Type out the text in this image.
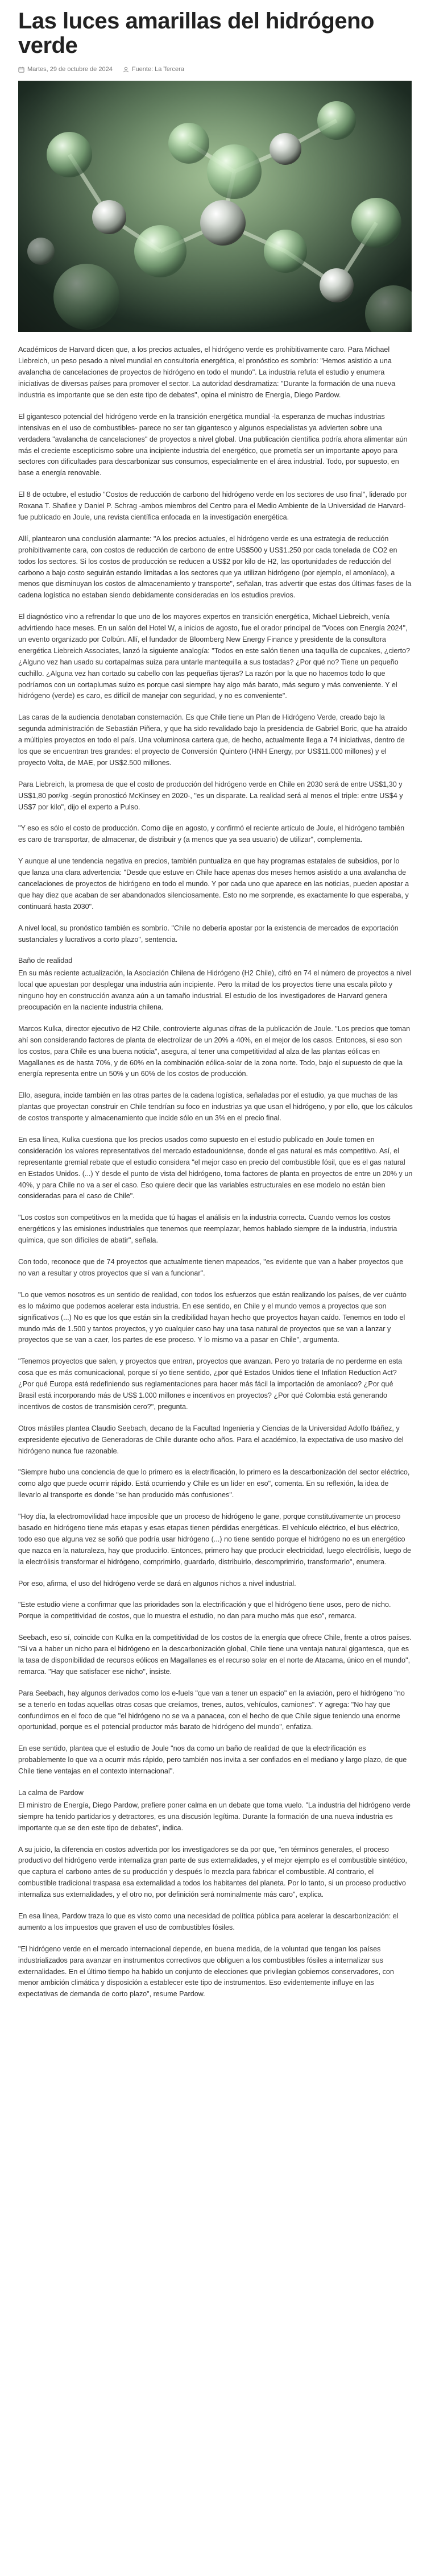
Las luces amarillas del hidrógeno verde
Martes, 29 de octubre de 2024	Fuente: La Tercera

Académicos de Harvard dicen que, a los precios actuales, el hidrógeno verde es prohibitivamente caro. Para Michael Liebreich, un peso pesado a nivel mundial en consultoría energética, el pronóstico es sombrío: "Hemos asistido a una avalancha de cancelaciones de proyectos de hidrógeno en todo el mundo". La industria refuta el estudio y enumera iniciativas de diversas países para promover el sector. La autoridad desdramatiza: "Durante la formación de una nueva industria es importante que se den este tipo de debates", opina el ministro de Energía, Diego Pardow.

El gigantesco potencial del hidrógeno verde en la transición energética mundial -la esperanza de muchas industrias intensivas en el uso de combustibles- parece no ser tan gigantesco y algunos especialistas ya advierten sobre una verdadera "avalancha de cancelaciones" de proyectos a nivel global. Una publicación científica podría ahora alimentar aún más el creciente escepticismo sobre una incipiente industria del energético, que prometía ser un importante apoyo para sectores con dificultades para descarbonizar sus consumos, especialmente en el área industrial. Todo, por supuesto, en base a energía renovable.

El 8 de octubre, el estudio "Costos de reducción de carbono del hidrógeno verde en los sectores de uso final", liderado por Roxana T. Shafiee y Daniel P. Schrag -ambos miembros del Centro para el Medio Ambiente de la Universidad de Harvard- fue publicado en Joule, una revista científica enfocada en la investigación energética.

Allí, plantearon una conclusión alarmante: "A los precios actuales, el hidrógeno verde es una estrategia de reducción prohibitivamente cara, con costos de reducción de carbono de entre US$500 y US$1.250 por cada tonelada de CO2 en todos los sectores. Si los costos de producción se reducen a US$2 por kilo de H2, las oportunidades de reducción del carbono a bajo costo seguirán estando limitadas a los sectores que ya utilizan hidrógeno (por ejemplo, el amoníaco), a menos que disminuyan los costos de almacenamiento y transporte", señalan, tras advertir que estas dos últimas fases de la cadena logística no estaban siendo debidamente consideradas en los estudios previos.

El diagnóstico vino a refrendar lo que uno de los mayores expertos en transición energética, Michael Liebreich, venía advirtiendo hace meses. En un salón del Hotel W, a inicios de agosto, fue el orador principal de "Voces con Energía 2024", un evento organizado por Colbún. Allí, el fundador de Bloomberg New Energy Finance y presidente de la consultora energética Liebreich Associates, lanzó la siguiente analogía: "Todos en este salón tienen una taquilla de cupcakes, ¿cierto? ¿Alguno vez han usado su cortapalmas suiza para untarle mantequilla a sus tostadas? ¿Por qué no? Tiene un pequeño cuchillo. ¿Alguna vez han cortado su cabello con las pequeñas tijeras? La razón por la que no hacemos todo lo que podríamos con un cortaplumas suizo es porque casi siempre hay algo más barato, más seguro y más conveniente. Y el hidrógeno (verde) es caro, es difícil de manejar con seguridad, y no es conveniente".

Las caras de la audiencia denotaban consternación. Es que Chile tiene un Plan de Hidrógeno Verde, creado bajo la segunda administración de Sebastián Piñera, y que ha sido revalidado bajo la presidencia de Gabriel Boric, que ha atraído a múltiples proyectos en todo el país. Una voluminosa cartera que, de hecho, actualmente llega a 74 iniciativas, dentro de los que se encuentran tres grandes: el proyecto de Conversión Quintero (HNH Energy, por US$11.000 millones) y el proyecto Volta, de MAE, por US$2.500 millones.

Para Liebreich, la promesa de que el costo de producción del hidrógeno verde en Chile en 2030 será de entre US$1,30 y US$1,80 por/kg -según pronosticó McKinsey en 2020-, "es un disparate. La realidad será al menos el triple: entre US$4 y US$7 por kilo", dijo el experto a Pulso.

"Y eso es sólo el costo de producción. Como dije en agosto, y confirmó el reciente artículo de Joule, el hidrógeno también es caro de transportar, de almacenar, de distribuir y (a menos que ya sea usuario) de utilizar", complementa.

Y aunque al une tendencia negativa en precios, también puntualiza en que hay programas estatales de subsidios, por lo que lanza una clara advertencia: "Desde que estuve en Chile hace apenas dos meses hemos asistido a una avalancha de cancelaciones de proyectos de hidrógeno en todo el mundo. Y por cada uno que aparece en las noticias, pueden apostar a que hay diez que acaban de ser abandonados silenciosamente. Esto no me sorprende, es exactamente lo que esperaba, y continuará hasta 2030".

A nivel local, su pronóstico también es sombrío. "Chile no debería apostar por la existencia de mercados de exportación sustanciales y lucrativos a corto plazo", sentencia.

Baño de realidad

En su más reciente actualización, la Asociación Chilena de Hidrógeno (H2 Chile), cifró en 74 el número de proyectos a nivel local que apuestan por desplegar una industria aún incipiente. Pero la mitad de los proyectos tiene una escala piloto y ninguno hoy en construcción avanza aún a un tamaño industrial. El estudio de los investigadores de Harvard genera preocupación en la naciente industria chilena.

Marcos Kulka, director ejecutivo de H2 Chile, controvierte algunas cifras de la publicación de Joule. "Los precios que toman ahí son considerando factores de planta de electrolizar de un 20% a 40%, en el mejor de los casos. Entonces, si eso son los costos, para Chile es una buena noticia", asegura, al tener una competitividad al alza de las plantas eólicas en Magallanes es de hasta 70%, y de 60% en la combinación eólica-solar de la zona norte. Todo, bajo el supuesto de que la energía representa entre un 50% y un 60% de los costos de producción.

Ello, asegura, incide también en las otras partes de la cadena logística, señaladas por el estudio, ya que muchas de las plantas que proyectan construir en Chile tendrían su foco en industrias ya que usan el hidrógeno, y por ello, que los cálculos de costos transporte y almacenamiento que incide sólo en un 3% en el precio final.

En esa línea, Kulka cuestiona que los precios usados como supuesto en el estudio publicado en Joule tomen en consideración los valores representativos del mercado estadounidense, donde el gas natural es más competitivo. Así, el representante gremial rebate que el estudio considera "el mejor caso en precio del combustible fósil, que es el gas natural en Estados Unidos. (...) Y desde el punto de vista del hidrógeno, toma factores de planta en proyectos de entre un 20% y un 40%, y para Chile no va a ser el caso. Eso quiere decir que las variables estructurales en ese modelo no están bien consideradas para el caso de Chile".

"Los costos son competitivos en la medida que tú hagas el análisis en la industria correcta. Cuando vemos los costos energéticos y las emisiones industriales que tenemos que reemplazar, hemos hablado siempre de la industria, industria química, que son difíciles de abatir", señala.

Con todo, reconoce que de 74 proyectos que actualmente tienen mapeados, "es evidente que van a haber proyectos que no van a resultar y otros proyectos que sí van a funcionar".

"Lo que vemos nosotros es un sentido de realidad, con todos los esfuerzos que están realizando los países, de ver cuánto es lo máximo que podemos acelerar esta industria. En ese sentido, en Chile y el mundo vemos a proyectos que son significativos (...) No es que los que están sin la credibilidad hayan hecho que proyectos hayan caído. Tenemos en todo el mundo más de 1.500 y tantos proyectos, y yo cualquier caso hay una tasa natural de proyectos que se van a lanzar y proyectos que se van a caer, los partes de ese proceso. Y lo mismo va a pasar en Chile", argumenta.

"Tenemos proyectos que salen, y proyectos que entran, proyectos que avanzan. Pero yo trataría de no perderme en esta cosa que es más comunicacional, porque sí yo tiene sentido, ¿por qué Estados Unidos tiene el Inflation Reduction Act? ¿Por qué Europa está redefiniendo sus reglamentaciones para hacer más fácil la importación de amoníaco? ¿Por qué Brasil está incorporando más de US$ 1.000 millones e incentivos en proyectos? ¿Por qué Colombia está generando incentivos de costos de transmisión cero?", pregunta.

Otros mástiles plantea Claudio Seebach, decano de la Facultad Ingeniería y Ciencias de la Universidad Adolfo Ibáñez, y expresidente ejecutivo de Generadoras de Chile durante ocho años. Para el académico, la expectativa de uso masivo del hidrógeno nunca fue razonable.

"Siempre hubo una conciencia de que lo primero es la electrificación, lo primero es la descarbonización del sector eléctrico, como algo que puede ocurrir rápido. Está ocurriendo y Chile es un líder en eso", comenta. En su reflexión, la idea de llevarlo al transporte es donde "se han producido más confusiones".

"Hoy día, la electromovilidad hace imposible que un proceso de hidrógeno le gane, porque constitutivamente un proceso basado en hidrógeno tiene más etapas y esas etapas tienen pérdidas energéticas. El vehículo eléctrico, el bus eléctrico, todo eso que alguna vez se soñó que podría usar hidrógeno (...) no tiene sentido porque el hidrógeno no es un energético que nazca en la naturaleza, hay que producirlo. Entonces, primero hay que producir electricidad, luego electrólisis, luego de la electrólisis transformar el hidrógeno, comprimirlo, guardarlo, distribuirlo, descomprimirlo, transformarlo", enumera.

Por eso, afirma, el uso del hidrógeno verde se dará en algunos nichos a nivel industrial.

"Este estudio viene a confirmar que las prioridades son la electrificación y que el hidrógeno tiene usos, pero de nicho. Porque la competitividad de costos, que lo muestra el estudio, no dan para mucho más que eso", remarca.

Seebach, eso sí, coincide con Kulka en la competitividad de los costos de la energía que ofrece Chile, frente a otros países. "Si va a haber un nicho para el hidrógeno en la descarbonización global, Chile tiene una ventaja natural gigantesca, que es la tasa de disponibilidad de recursos eólicos en Magallanes es el recurso solar en el norte de Atacama, único en el mundo", remarca. "Hay que satisfacer ese nicho", insiste.

Para Seebach, hay algunos derivados como los e-fuels "que van a tener un espacio" en la aviación, pero el hidrógeno "no se a tenerlo en todas aquellas otras cosas que creíamos, trenes, autos, vehículos, camiones". Y agrega: "No hay que confundirnos en el foco de que "el hidrógeno no se va a panacea, con el hecho de que Chile sigue teniendo una enorme oportunidad, porque es el potencial productor más barato de hidrógeno del mundo", enfatiza.

En ese sentido, plantea que el estudio de Joule "nos da como un baño de realidad de que la electrificación es probablemente lo que va a ocurrir más rápido, pero también nos invita a ser confiados en el mediano y largo plazo, de que Chile tiene ventajas en el contexto internacional".

La calma de Pardow

El ministro de Energía, Diego Pardow, prefiere poner calma en un debate que toma vuelo. "La industria del hidrógeno verde siempre ha tenido partidarios y detractores, es una discusión legítima. Durante la formación de una nueva industria es importante que se den este tipo de debates", indica.

A su juicio, la diferencia en costos advertida por los investigadores se da por que, "en términos generales, el proceso productivo del hidrógeno verde internaliza gran parte de sus externalidades, y el mejor ejemplo es el combustible sintético, que captura el carbono antes de su producción y después lo mezcla para fabricar el combustible. Al contrario, el combustible tradicional traspasa esa externalidad a todos los habitantes del planeta. Por lo tanto, si un proceso productivo internaliza sus externalidades, y el otro no, por definición será nominalmente más caro", explica.

En esa línea, Pardow traza lo que es visto como una necesidad de política pública para acelerar la descarbonización: el aumento a los impuestos que graven el uso de combustibles fósiles.

"El hidrógeno verde en el mercado internacional depende, en buena medida, de la voluntad que tengan los países industrializados para avanzar en instrumentos correctivos que obliguen a los combustibles fósiles a internalizar sus externalidades. En el último tiempo ha habido un conjunto de elecciones que privilegian gobiernos conservadores, con menor ambición climática y disposición a establecer este tipo de instrumentos. Eso evidentemente influye en las expectativas de demanda de corto plazo", resume Pardow.
